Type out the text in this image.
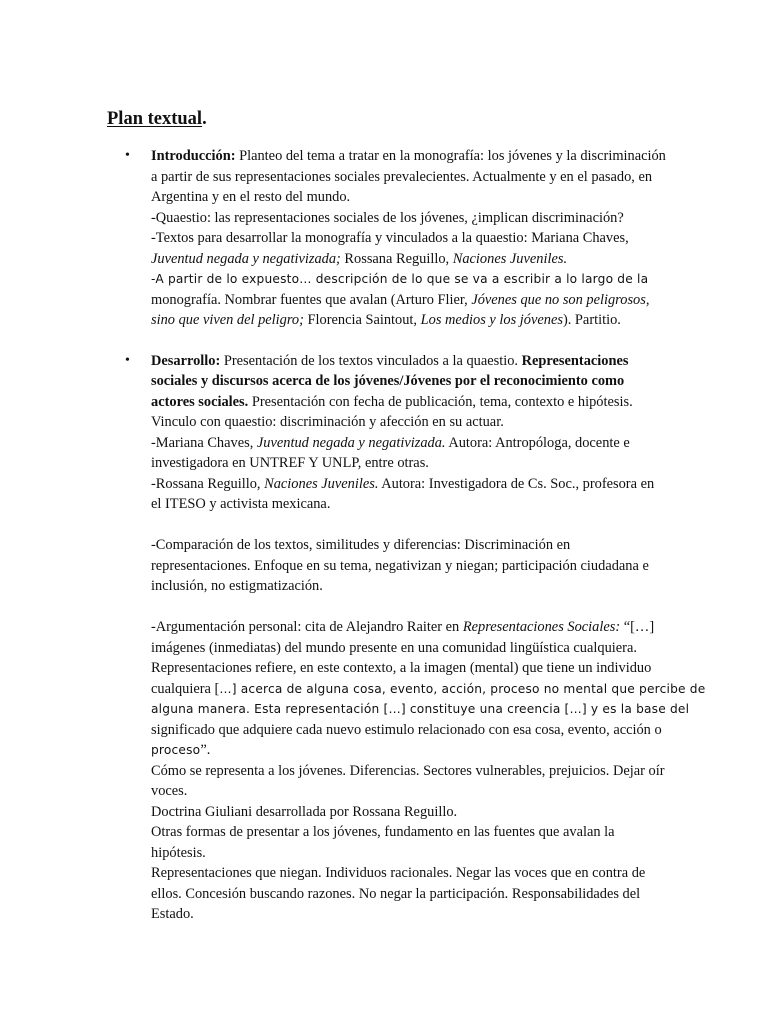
Plan textual.
• Introducción: Planteo del tema a tratar en la monografía: los jóvenes y la discriminación
a partir de sus representaciones sociales prevalecientes. Actualmente y en el pasado, en
Argentina y en el resto del mundo.
-Quaestio: las representaciones sociales de los jóvenes, ¿implican discriminación?
-Textos para desarrollar la monografía y vinculados a la quaestio: Mariana Chaves,
Juventud negada y negativizada; Rossana Reguillo, Naciones Juveniles.
-A partir de lo expuesto… descripción de lo que se va a escribir a lo largo de la
monografía. Nombrar fuentes que avalan (Arturo Flier, Jóvenes que no son peligrosos,
sino que viven del peligro; Florencia Saintout, Los medios y los jóvenes). Partitio.
• Desarrollo: Presentación de los textos vinculados a la quaestio. Representaciones
sociales y discursos acerca de los jóvenes/Jóvenes por el reconocimiento como
actores sociales. Presentación con fecha de publicación, tema, contexto e hipótesis.
Vinculo con quaestio: discriminación y afección en su actuar.
-Mariana Chaves, Juventud negada y negativizada. Autora: Antropóloga, docente e
investigadora en UNTREF Y UNLP, entre otras.
-Rossana Reguillo, Naciones Juveniles. Autora: Investigadora de Cs. Soc., profesora en
el ITESO y activista mexicana.
-Comparación de los textos, similitudes y diferencias: Discriminación en
representaciones. Enfoque en su tema, negativizan y niegan; participación ciudadana e
inclusión, no estigmatización.
-Argumentación personal: cita de Alejandro Raiter en Representaciones Sociales: “[…]
imágenes (inmediatas) del mundo presente en una comunidad lingüística cualquiera.
Representaciones refiere, en este contexto, a la imagen (mental) que tiene un individuo
cualquiera […] acerca de alguna cosa, evento, acción, proceso no mental que percibe de
alguna manera. Esta representación […] constituye una creencia […] y es la base del
significado que adquiere cada nuevo estimulo relacionado con esa cosa, evento, acción o
proceso”.
Cómo se representa a los jóvenes. Diferencias. Sectores vulnerables, prejuicios. Dejar oír
voces.
Doctrina Giuliani desarrollada por Rossana Reguillo.
Otras formas de presentar a los jóvenes, fundamento en las fuentes que avalan la
hipótesis.
Representaciones que niegan. Individuos racionales. Negar las voces que en contra de
ellos. Concesión buscando razones. No negar la participación. Responsabilidades del
Estado.
